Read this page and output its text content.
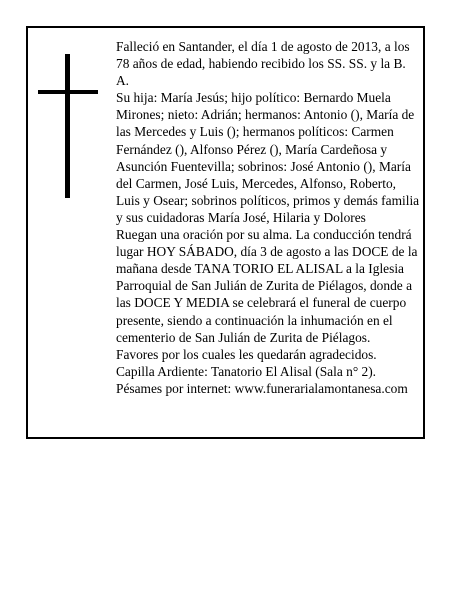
Falleció en Santander, el día 1 de agosto de 2013, a los 78 años de edad, habiendo recibido los SS. SS. y la B. A.

Su hija: María Jesús; hijo político: Bernardo Muela Mirones; nieto: Adrián; hermanos: Antonio (), María de las Mercedes y Luis (); hermanos políticos: Carmen Fernández (), Alfonso Pérez (), María Cardeñosa y Asunción Fuentevilla; sobrinos: José Antonio (), María del Carmen, José Luis, Mercedes, Alfonso, Roberto, Luis y Osear; sobrinos políticos, primos y demás familia y sus cuidadoras María José, Hilaria y Dolores

Ruegan una oración por su alma. La conducción tendrá lugar HOY SÁBADO, día 3 de agosto a las DOCE de la mañana desde TANA TORIO EL ALISAL a la Iglesia Parroquial de San Julián de Zurita de Piélagos, donde a las DOCE Y MEDIA se celebrará el funeral de cuerpo presente, siendo a continuación la inhumación en el cementerio de San Julián de Zurita de Piélagos.

Favores por los cuales les quedarán agradecidos.

Capilla Ardiente: Tanatorio El Alisal (Sala n° 2).

Pésames por internet: www.funerarialamontanesa.com
